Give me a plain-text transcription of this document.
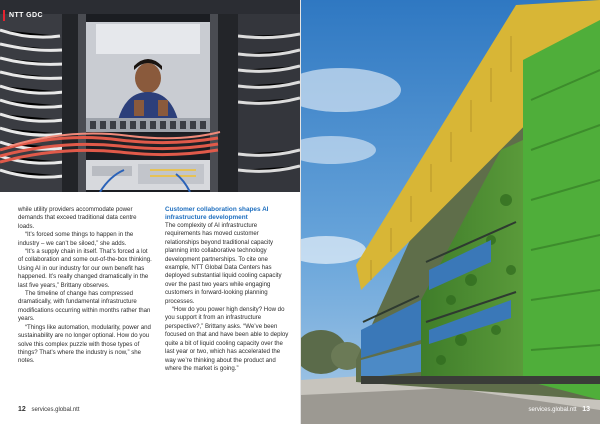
NTT GDC

while utility providers accommodate power demands that exceed traditional data centre loads.

“It’s forced some things to happen in the industry – we can’t be siloed,” she adds.

“It’s a supply chain in itself. That’s forced a lot of collaboration and some out-of-the-box thinking. Using AI in our industry for our own benefit has happened. It’s really changed dramatically in the last five years,” Brittany observes.

The timeline of change has compressed dramatically, with fundamental infrastructure modifications occurring within months rather than years.

“Things like automation, modularity, power and sustainability are no longer optional. How do you solve this complex puzzle with those types of things? That’s where the industry is now,” she notes.

Customer collaboration shapes AI infrastructure development

The complexity of AI infrastructure requirements has moved customer relationships beyond traditional capacity planning into collaborative technology development partnerships. To cite one example, NTT Global Data Centers has deployed substantial liquid cooling capacity over the past two years while engaging customers in forward-looking planning processes.

“How do you power high density? How do you support it from an infrastructure perspective?,” Brittany asks. “We’ve been focused on that and have been able to deploy quite a bit of liquid cooling capacity over the last year or two, which has accelerated the way we’re thinking about the product and where the market is going.”

12 services.global.ntt	services.global.ntt 13
